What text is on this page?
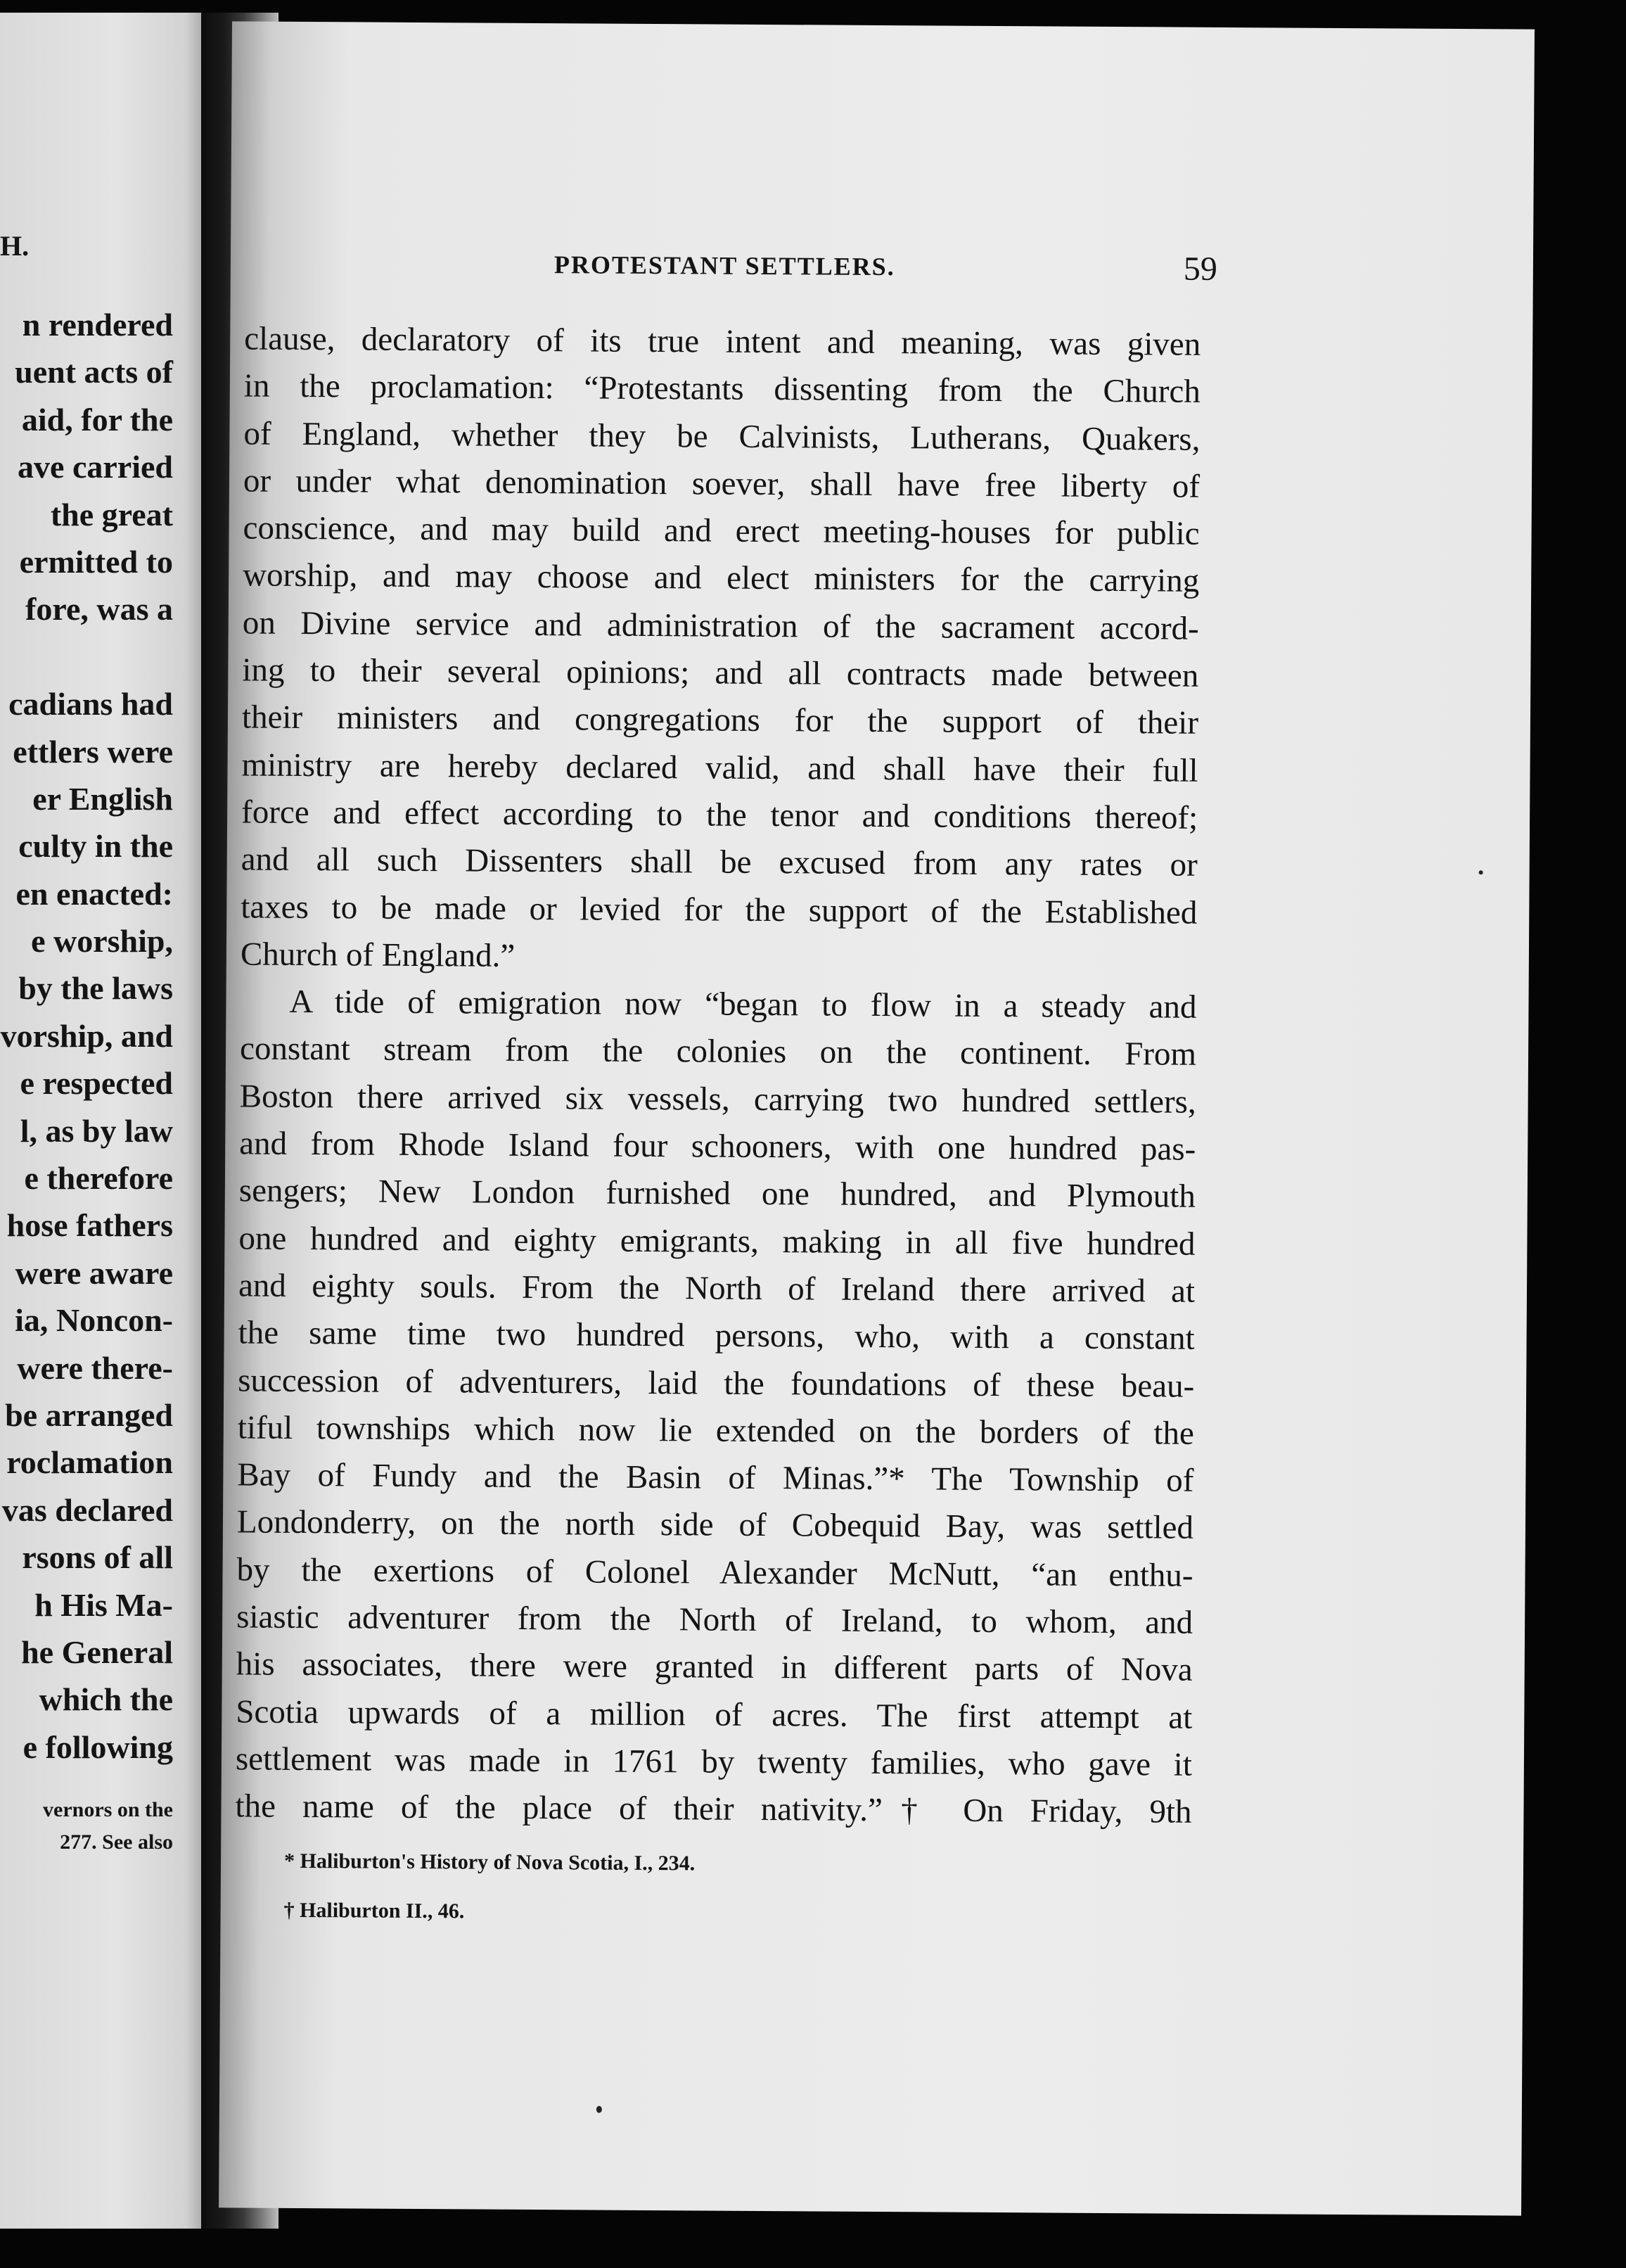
H.
n rendered
uent acts of
aid, for the
ave carried
the great
ermitted to
fore, was a
cadians had
ettlers were
er English
culty in the
en enacted:
e worship,
by the laws
vorship, and
e respected
l, as by law
e therefore
hose fathers
were aware
ia, Noncon-
were there-
be arranged
roclamation
vas declared
rsons of all
h His Ma-
he General
which the
e following
vernors on the
277. See also
PROTESTANT SETTLERS.	59
clause, declaratory of its true intent and meaning, was given
in the proclamation: “Protestants dissenting from the Church
of England, whether they be Calvinists, Lutherans, Quakers,
or under what denomination soever, shall have free liberty of
conscience, and may build and erect meeting-houses for public
worship, and may choose and elect ministers for the carrying
on Divine service and administration of the sacrament accord-
ing to their several opinions; and all contracts made between
their ministers and congregations for the support of their
ministry are hereby declared valid, and shall have their full
force and effect according to the tenor and conditions thereof;
and all such Dissenters shall be excused from any rates or
taxes to be made or levied for the support of the Established
Church of England.”
A tide of emigration now “began to flow in a steady and
constant stream from the colonies on the continent. From
Boston there arrived six vessels, carrying two hundred settlers,
and from Rhode Island four schooners, with one hundred pas-
sengers; New London furnished one hundred, and Plymouth
one hundred and eighty emigrants, making in all five hundred
and eighty souls. From the North of Ireland there arrived at
the same time two hundred persons, who, with a constant
succession of adventurers, laid the foundations of these beau-
tiful townships which now lie extended on the borders of the
Bay of Fundy and the Basin of Minas.”* The Township of
Londonderry, on the north side of Cobequid Bay, was settled
by the exertions of Colonel Alexander McNutt, “an enthu-
siastic adventurer from the North of Ireland, to whom, and
his associates, there were granted in different parts of Nova
Scotia upwards of a million of acres. The first attempt at
settlement was made in 1761 by twenty families, who gave it
the name of the place of their nativity.”† On Friday, 9th
* Haliburton's History of Nova Scotia, I., 234.
† Haliburton II., 46.
